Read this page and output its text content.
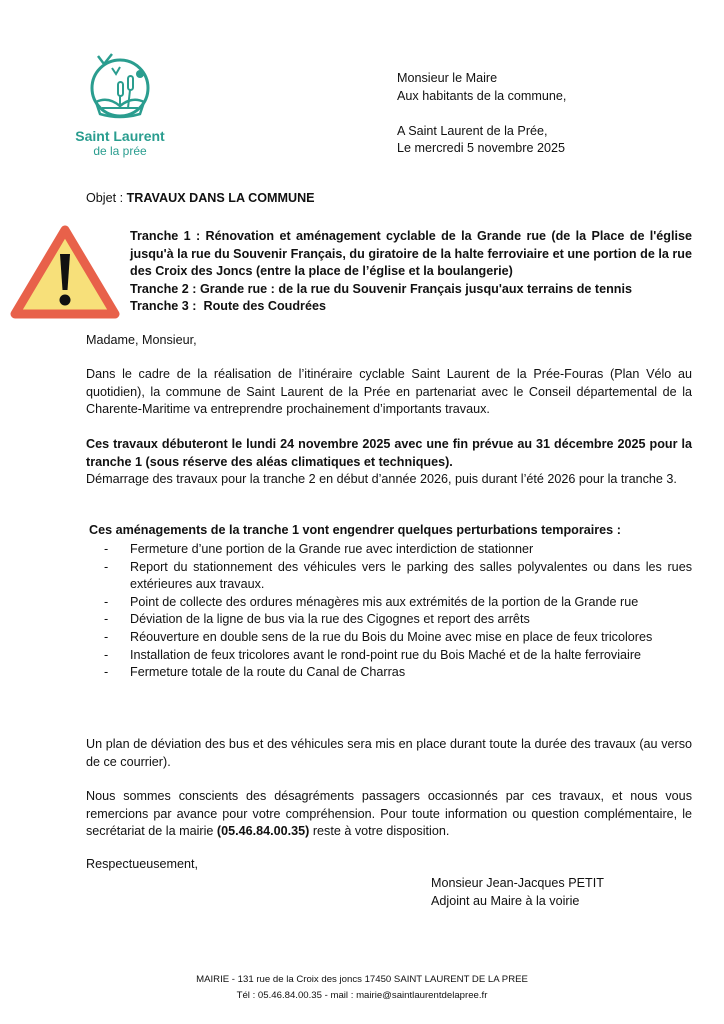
Saint Laurent
de la prée

Monsieur le Maire

Aux habitants de la commune,

A Saint Laurent de la Prée,

Le mercredi 5 novembre 2025

Objet : TRAVAUX DANS LA COMMUNE

Tranche 1 : Rénovation et aménagement cyclable de la Grande rue (de la Place de l'église jusqu'à la rue du Souvenir Français, du giratoire de la halte ferroviaire et une portion de la rue des Croix des Joncs (entre la place de l’église et la boulangerie)

Tranche 2 : Grande rue : de la rue du Souvenir Français jusqu'aux terrains de tennis

Tranche 3 :  Route des Coudrées

Madame, Monsieur,

Dans le cadre de la réalisation de l’itinéraire cyclable Saint Laurent de la Prée-Fouras (Plan Vélo au quotidien), la commune de Saint Laurent de la Prée en partenariat avec le Conseil départemental de la Charente-Maritime va entreprendre prochainement d’importants travaux.

Ces travaux débuteront le lundi 24 novembre 2025 avec une fin prévue au 31 décembre 2025 pour la tranche 1 (sous réserve des aléas climatiques et techniques).

Démarrage des travaux pour la tranche 2 en début d’année 2026, puis durant l’été 2026 pour la tranche 3.

Ces aménagements de la tranche 1 vont engendrer quelques perturbations temporaires :

- Fermeture d’une portion de la Grande rue avec interdiction de stationner
- Report du stationnement des véhicules vers le parking des salles polyvalentes ou dans les rues extérieures aux travaux.
- Point de collecte des ordures ménagères mis aux extrémités de la portion de la Grande rue
- Déviation de la ligne de bus via la rue des Cigognes et report des arrêts
- Réouverture en double sens de la rue du Bois du Moine avec mise en place de feux tricolores
- Installation de feux tricolores avant le rond-point rue du Bois Maché et de la halte ferroviaire
- Fermeture totale de la route du Canal de Charras

Un plan de déviation des bus et des véhicules sera mis en place durant toute la durée des travaux (au verso de ce courrier).

Nous sommes conscients des désagréments passagers occasionnés par ces travaux, et nous vous remercions par avance pour votre compréhension. Pour toute information ou question complémentaire, le secrétariat de la mairie (05.46.84.00.35) reste à votre disposition.

Respectueusement,

Monsieur Jean-Jacques PETIT

Adjoint au Maire à la voirie

MAIRIE - 131 rue de la Croix des joncs 17450 SAINT LAURENT DE LA PREE

Tél : 05.46.84.00.35 - mail : mairie@saintlaurentdelapree.fr
